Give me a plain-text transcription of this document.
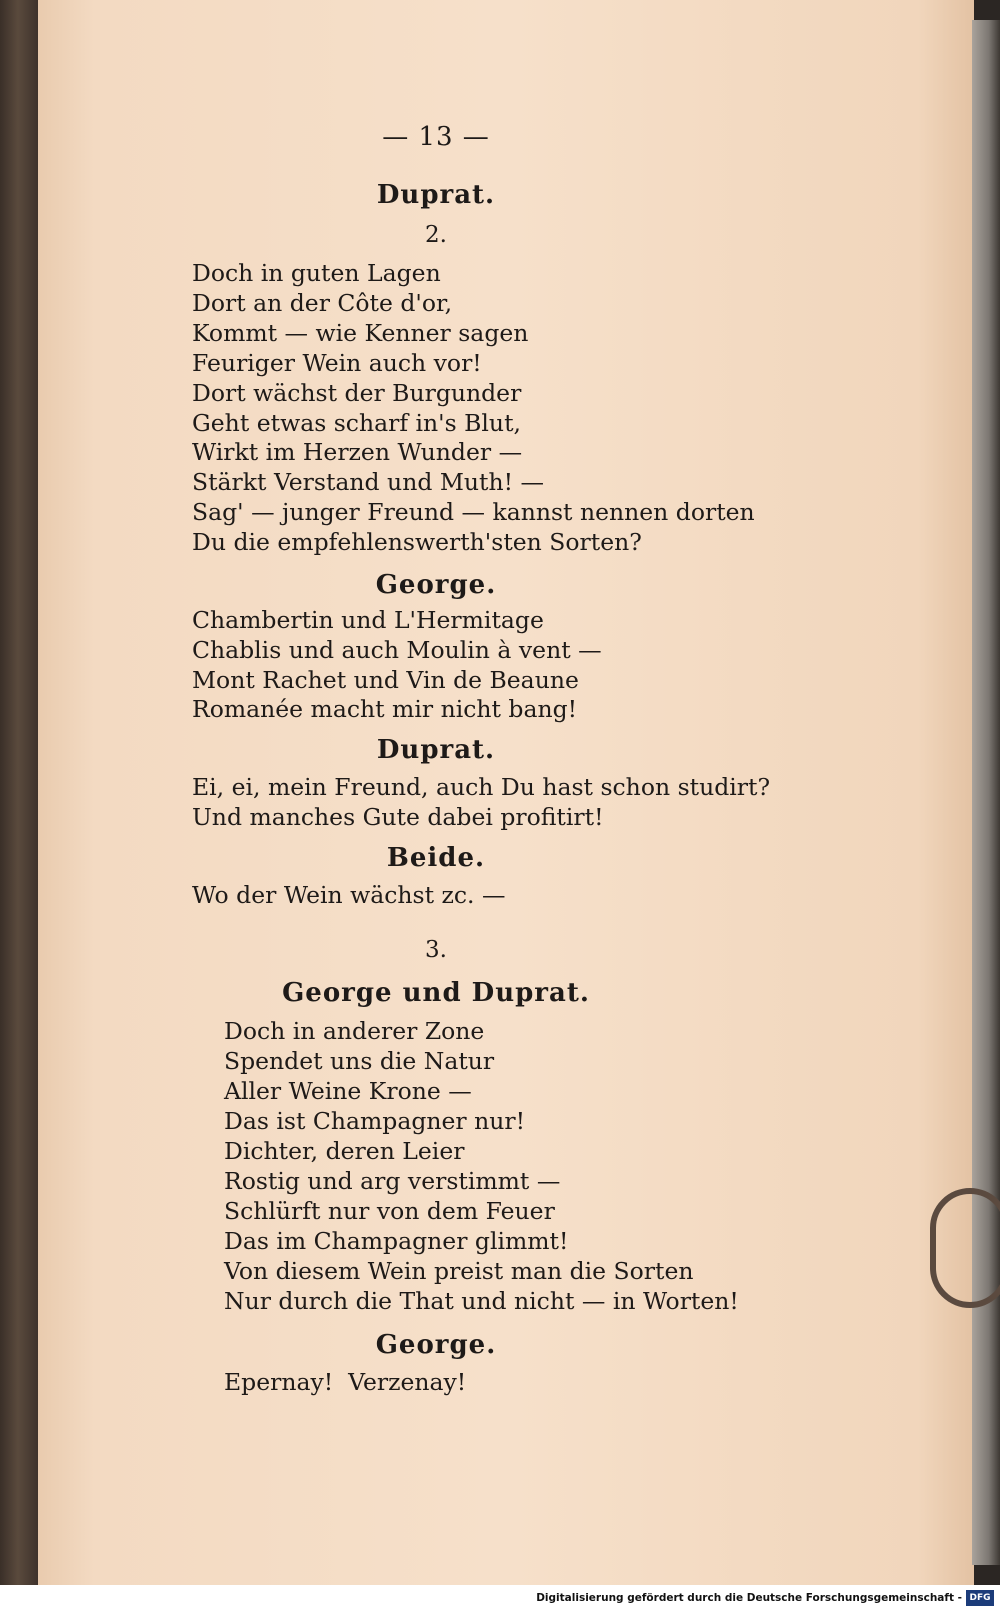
— 13 —
Duprat.
2.
Doch in guten Lagen
Dort an der Côte d'or,
Kommt — wie Kenner sagen
Feuriger Wein auch vor!
Dort wächst der Burgunder
Geht etwas scharf in's Blut,
Wirkt im Herzen Wunder —
Stärkt Verstand und Muth! —
Sag' — junger Freund — kannst nennen dorten
Du die empfehlenswerth'sten Sorten?
George.
Chambertin und L'Hermitage
Chablis und auch Moulin à vent —
Mont Rachet und Vin de Beaune
Romanée macht mir nicht bang!
Duprat.
Ei, ei, mein Freund, auch Du hast schon studirt?
Und manches Gute dabei profitirt!
Beide.
Wo der Wein wächst zc. —
3.
George und Duprat.
Doch in anderer Zone
Spendet uns die Natur
Aller Weine Krone —
Das ist Champagner nur!
Dichter, deren Leier
Rostig und arg verstimmt —
Schlürft nur von dem Feuer
Das im Champagner glimmt!
Von diesem Wein preist man die Sorten
Nur durch die That und nicht — in Worten!
George.
Epernay!  Verzenay!
Digitalisierung gefördert durch die Deutsche Forschungsgemeinschaft - DFG
